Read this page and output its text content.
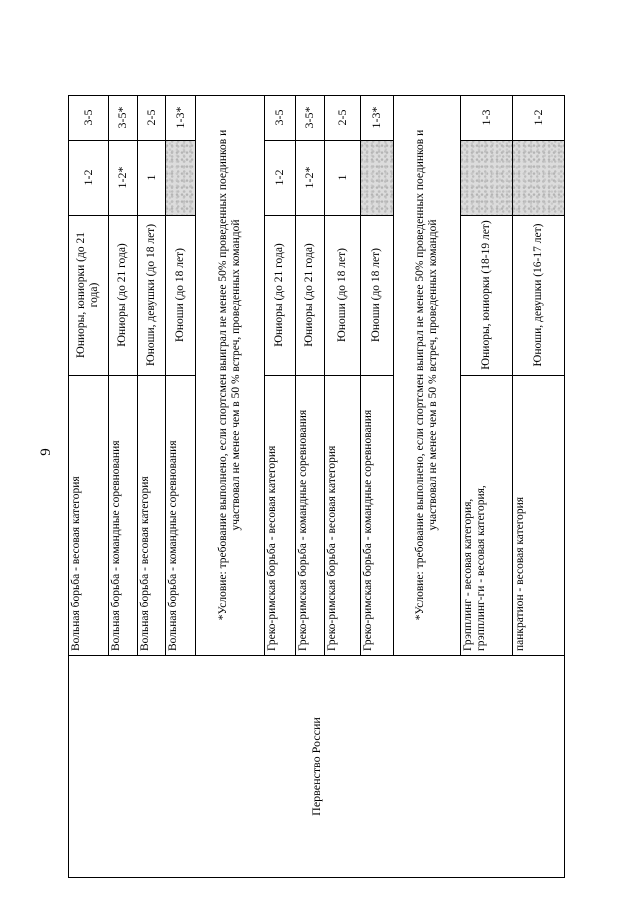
9
Вольная борьба - весовая категория
Юниоры, юниорки (до 21 года)
1-2
3-5
Вольная борьба - командные соревнования
Юниоры (до 21 года)
1-2*
3-5*
Вольная борьба - весовая категория
Юноши, девушки (до 18 лет)
1
2-5
Вольная борьба - командные соревнования
Юноши (до 18 лет)
1-3*
*Условие: требование выполнено, если спортсмен выиграл не менее 50% проведенных поединков и участвовал не менее чем в 50 % встреч, проведенных командой
Греко-римская борьба - весовая категория
Юниоры (до 21 года)
1-2
3-5
Греко-римская борьба - командные соревнования
Юниоры (до 21 года)
1-2*
3-5*
Греко-римская борьба - весовая категория
Юноши (до 18 лет)
1
2-5
Греко-римская борьба - командные соревнования
Юноши (до 18 лет)
1-3*
*Условие: требование выполнено, если спортсмен выиграл не менее 50% проведенных поединков и участвовал не менее чем в 50 % встреч, проведенных командой
Грэпплинг - весовая категория, грэпплинг-ги - весовая категория,
Юниоры, юниорки (18-19 лет)
1-3
панкратион - весовая категория
Юноши, девушки (16-17 лет)
1-2
Первенство России
